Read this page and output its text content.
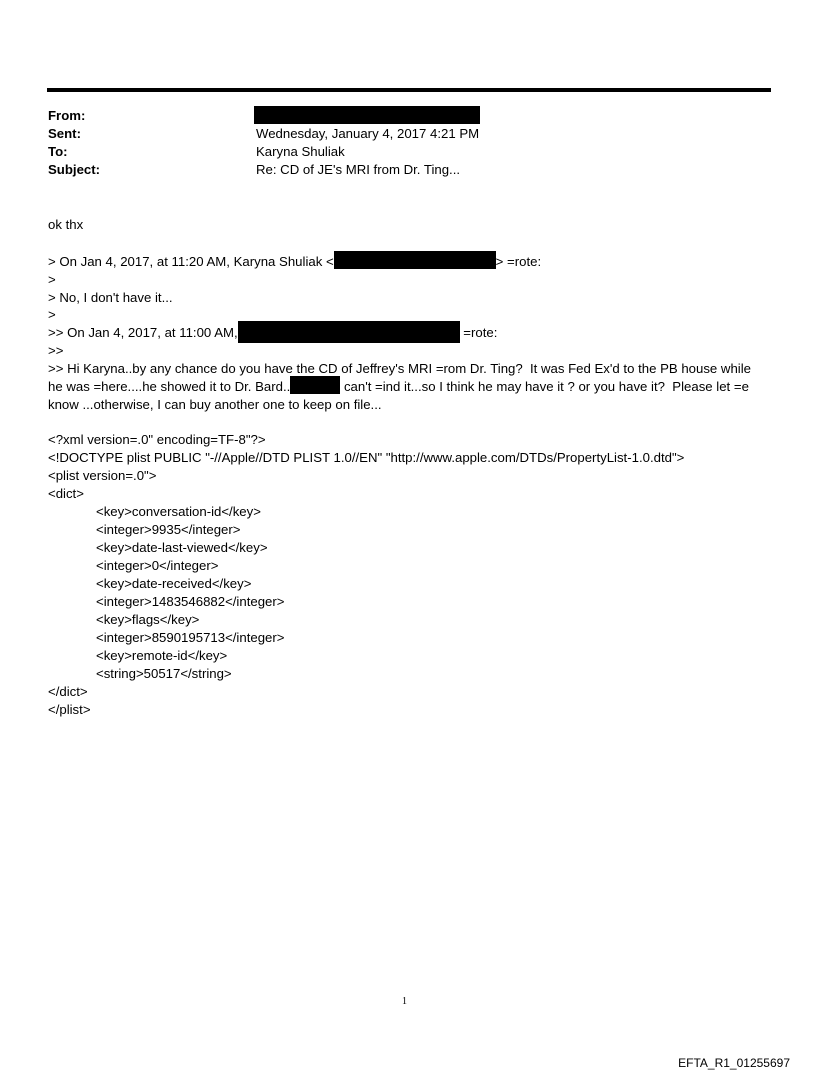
From:
Sent:	Wednesday, January 4, 2017 4:21 PM
To:	Karyna Shuliak
Subject:	Re: CD of JE's MRI from Dr. Ting...
ok thx
> On Jan 4, 2017, at 11:20 AM, Karyna Shuliak <	> =rote:
>
> No, I don't have it...
>
>> On Jan 4, 2017, at 11:00 AM,	=rote:
>>
>> Hi Karyna..by any chance do you have the CD of Jeffrey's MRI =rom Dr. Ting?  It was Fed Ex'd to the PB house while
he was =here....he showed it to Dr. Bard..	can't =ind it...so I think he may have it ? or you have it?  Please let =e
know ...otherwise, I can buy another one to keep on file...
<?xml version=.0" encoding=TF-8"?>
<!DOCTYPE plist PUBLIC "-//Apple//DTD PLIST 1.0//EN" "http://www.apple.com/DTDs/PropertyList-1.0.dtd">
<plist version=.0">
<dict>
<key>conversation-id</key>
<integer>9935</integer>
<key>date-last-viewed</key>
<integer>0</integer>
<key>date-received</key>
<integer>1483546882</integer>
<key>flags</key>
<integer>8590195713</integer>
<key>remote-id</key>
<string>50517</string>
</dict>
</plist>
1
EFTA_R1_01255697
